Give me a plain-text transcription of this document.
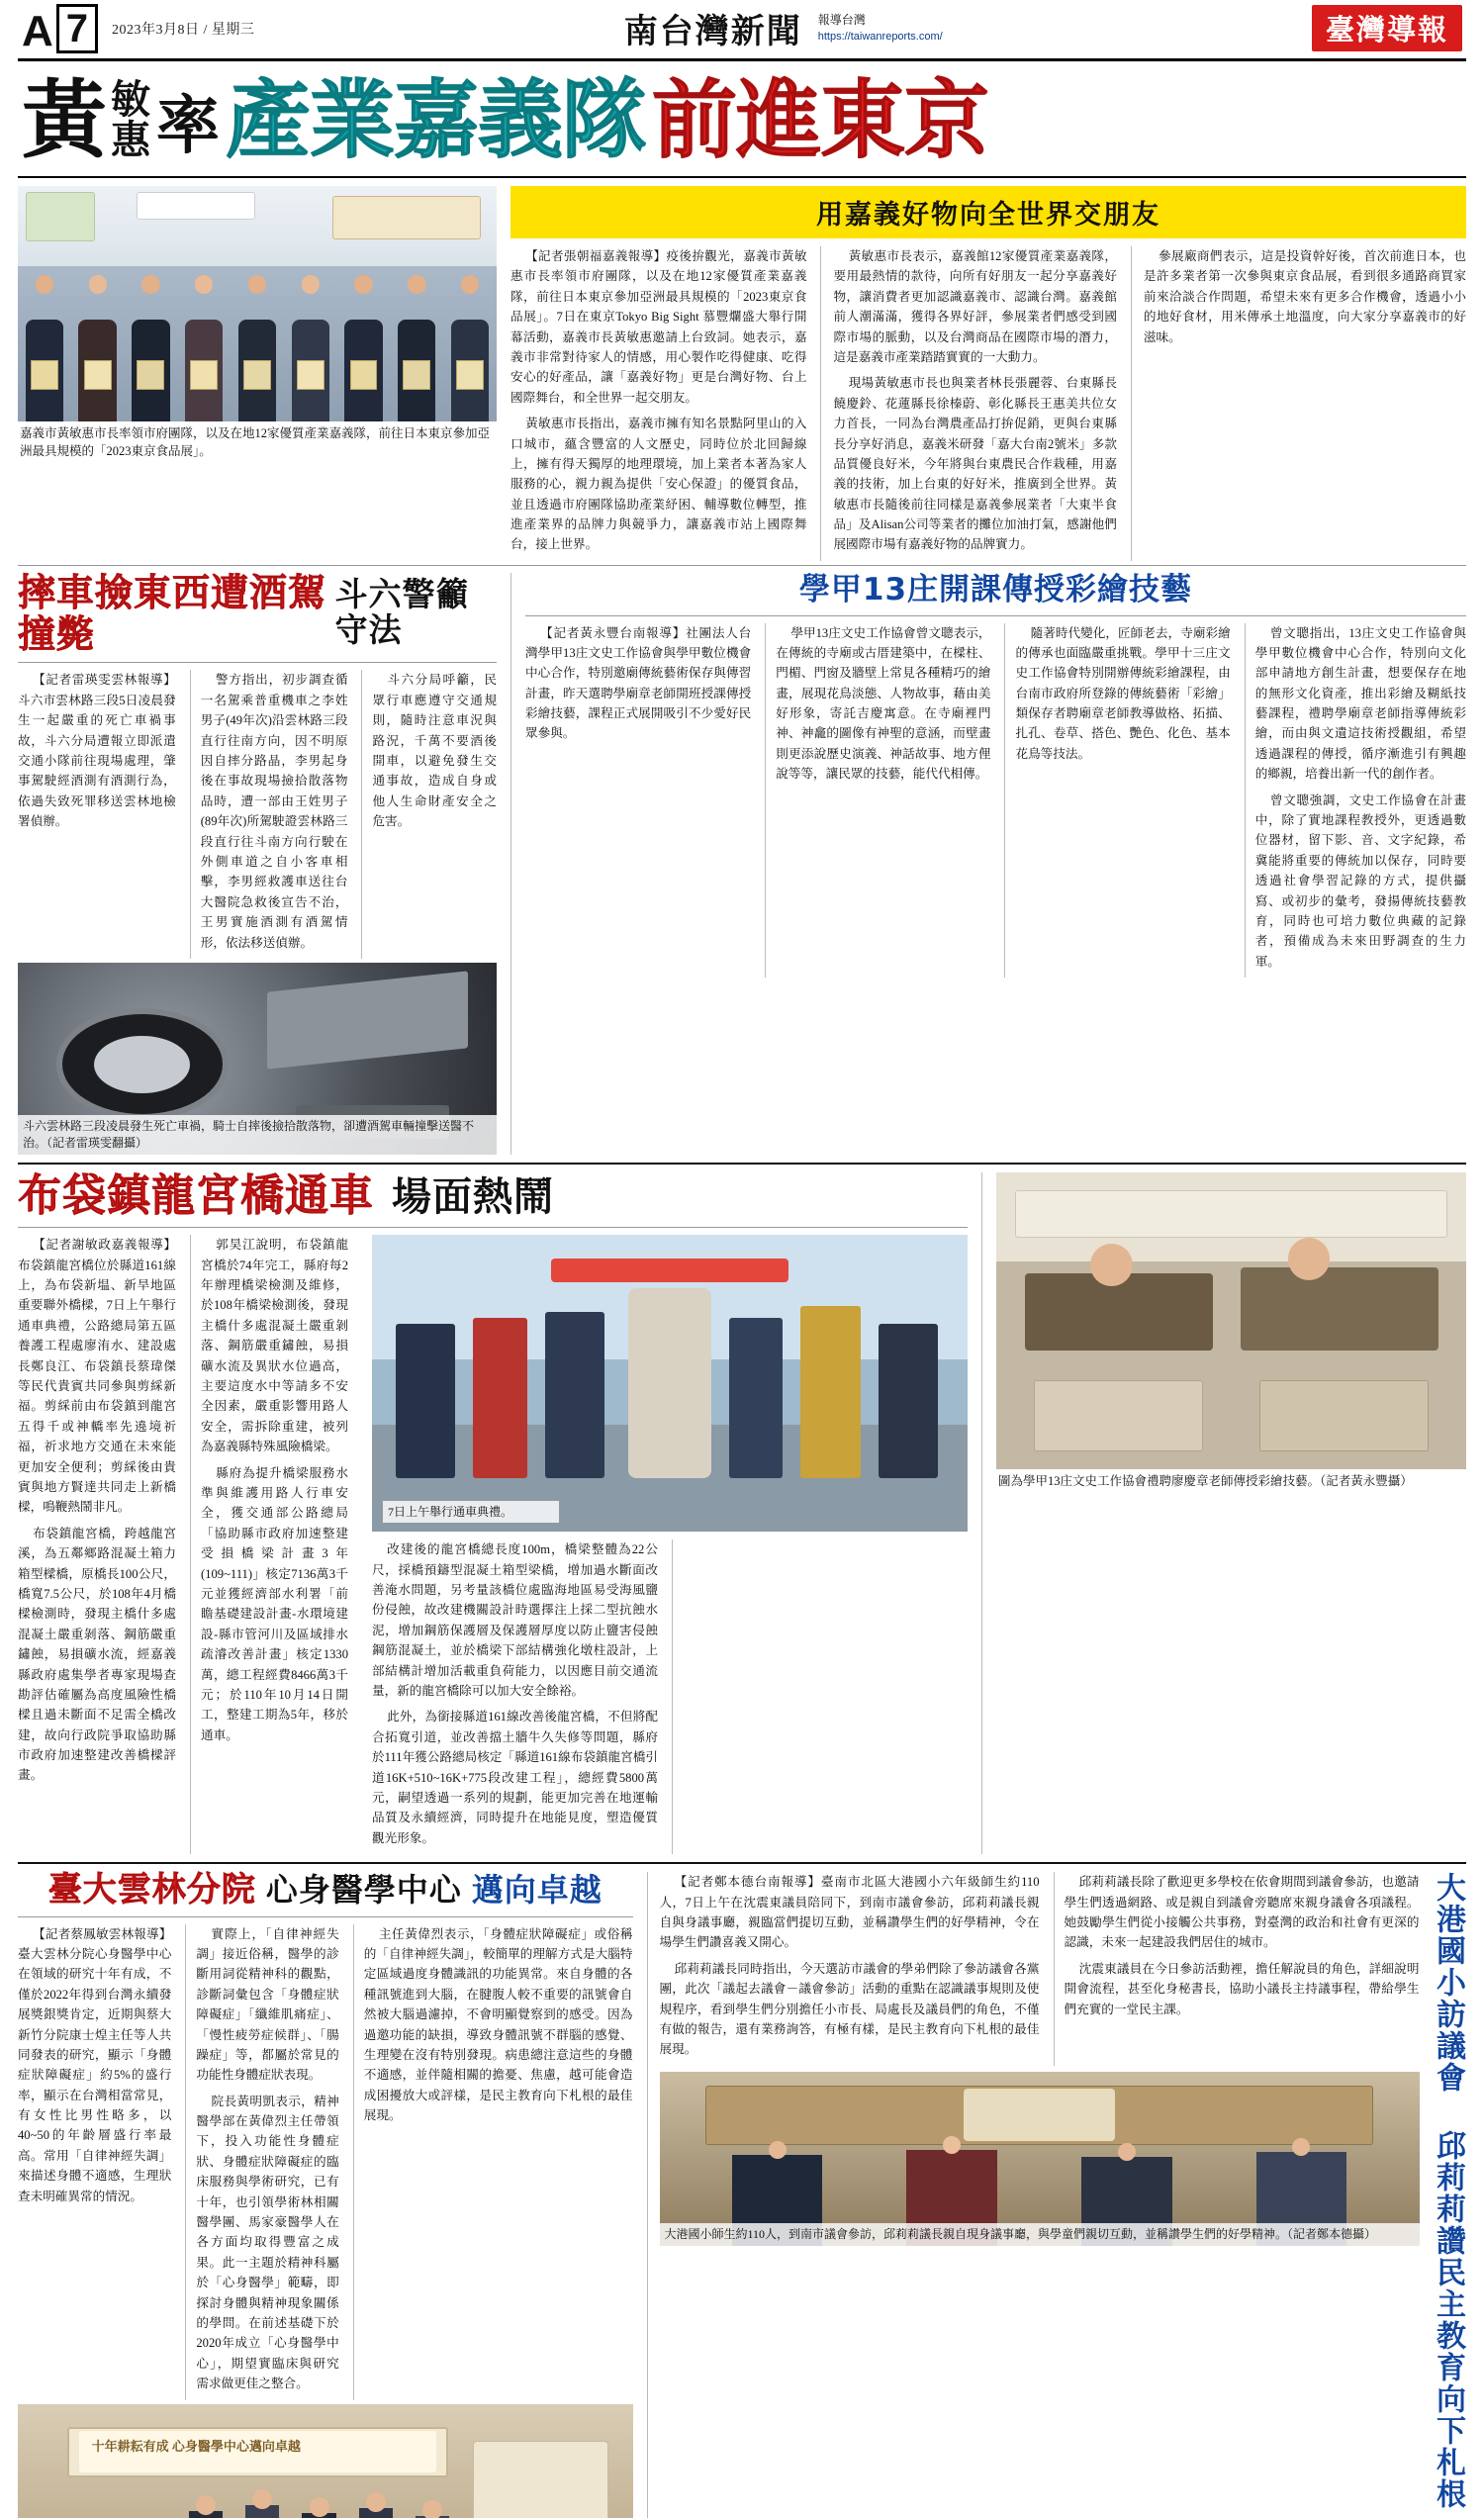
A 7	2023年3月8日 / 星期三	南台灣新聞 報導台灣
https://taiwanreports.com/	臺灣導報
黃 敏
惠 率 產業嘉義隊 前進東京
嘉義市黃敏惠市長率領市府團隊，以及在地12家優質產業嘉義隊，前往日本東京參加亞洲最具規模的「2023東京食品展」。
用嘉義好物向全世界交朋友

【記者張朝福嘉義報導】疫後拚觀光，嘉義市黃敏惠市長率領市府團隊，以及在地12家優質產業嘉義隊，前往日本東京參加亞洲最具規模的「2023東京食品展」。7日在東京Tokyo Big Sight 慕豐爛盛大舉行開幕活動，嘉義市長黃敏惠邀請上台致詞。她表示，嘉義市非常對待家人的情感，用心製作吃得健康、吃得安心的好產品，讓「嘉義好物」更是台灣好物、台上國際舞台，和全世界一起交朋友。

黃敏惠市長指出，嘉義市擁有知名景點阿里山的入口城市，蘊含豐富的人文歷史，同時位於北回歸線上，擁有得天獨厚的地理環境，加上業者本著為家人服務的心，親力親為提供「安心保證」的優質食品，並且透過市府團隊協助產業紓困、輔導數位轉型，推進產業界的品牌力與競爭力，讓嘉義市站上國際舞台，接上世界。

黃敏惠市長表示，嘉義館12家優質產業嘉義隊，要用最熱情的款待，向所有好朋友一起分享嘉義好物，讓消費者更加認識嘉義市、認識台灣。嘉義館前人潮滿滿，獲得各界好評，參展業者們感受到國際市場的脈動，以及台灣商品在國際市場的潛力，這是嘉義市產業踏踏實實的一大動力。

現場黃敏惠市長也與業者林長張麗蓉、台東縣長饒慶鈴、花蓮縣長徐榛蔚、彰化縣長王惠美共位女力首長，一同為台灣農產品打拚促銷，更與台東縣長分享好消息，嘉義米研發「嘉大台南2號米」多款品質優良好米，今年將與台東農民合作栽種，用嘉義的技術，加上台東的好好米，推廣到全世界。黃敏惠市長隨後前往同樣是嘉義參展業者「大東半食品」及Alisan公司等業者的攤位加油打氣，感謝他們展國際市場有嘉義好物的品牌實力。

參展廠商們表示，這是投資幹好後，首次前進日本，也是許多業者第一次參與東京食品展，看到很多通路商買家前來洽談合作問題，希望未來有更多合作機會，透過小小的地好食材，用米傳承土地溫度，向大家分享嘉義市的好滋味。

摔車撿東西遭酒駕撞斃
斗六警籲守法

【記者雷瑛雯雲林報導】斗六市雲林路三段5日凌晨發生一起嚴重的死亡車禍事故，斗六分局遭報立即派遣交通小隊前往現場處理，肇事駕駛經酒測有酒測行為，依過失致死罪移送雲林地檢署偵辦。

警方指出，初步調查循一名駕乘普重機車之李姓男子(49年次)沿雲林路三段直行往南方向，因不明原因自摔分路晶，李男起身後在事故現場撿拾散落物品時，遭一部由王姓男子(89年次)所駕駛證雲林路三段直行往斗南方向行駛在外側車道之自小客車相擊，李男經救護車送往台大醫院急救後宣告不治，王男實施酒測有酒駕情形，依法移送偵辦。

斗六分局呼籲，民眾行車應遵守交通規則，隨時注意車況與路況，千萬不要酒後開車，以避免發生交通事故，造成自身或他人生命財產安全之危害。

斗六雲林路三段凌晨發生死亡車禍，騎士自摔後撿拾散落物，卻遭酒駕車輛撞擊送醫不治。（記者雷瑛雯翻攝）
學甲13庄開課傳授彩繪技藝

【記者黃永豐台南報導】社團法人台灣學甲13庄文史工作協會與學甲數位機會中心合作，特別邀廟傳統藝術保存與傳習計畫，昨天選聘學廟章老師開班授課傳授彩繪技藝，課程正式展開吸引不少愛好民眾參與。

學甲13庄文史工作協會曾文聰表示，在傳統的寺廟或古厝建築中，在樑柱、門楣、門窗及牆壁上常見各種精巧的繪畫，展現花鳥淡態、人物故事，藉由美好形象，寄託吉慶寓意。在寺廟裡門神、神龕的圖像有神聖的意涵，而壁畫則更添說歷史演義、神話故事、地方俚說等等，讓民眾的技藝，能代代相傳。

隨著時代變化，匠師老去，寺廟彩繪的傳承也面臨嚴重挑戰。學甲十三庄文史工作協會特別開辦傳統彩繪課程，由台南市政府所登錄的傳統藝術「彩繪」類保存者聘廟章老師教導做格、拓描、扎孔、卷草、搭色、艷色、化色、基本花鳥等技法。

曾文聰指出，13庄文史工作協會與學甲數位機會中心合作，特別向文化部申請地方創生計畫，想要保存在地的無形文化資產，推出彩繪及糊紙技藝課程，禮聘學廟章老師指導傳統彩繪，而由與文遺這技術授觀組，希望透過課程的傳授，循序漸進引有興趣的鄉親，培養出新一代的創作者。

曾文聰強調，文史工作協會在計畫中，除了實地課程教授外，更透過數位器材，留下影、音、文字紀錄，希冀能將重要的傳統加以保存，同時要透過社會學習記錄的方式，提供攝寫、或初步的彙考，發揚傳統技藝教育，同時也可培力數位典藏的記錄者，預備成為未來田野調查的生力軍。

布袋鎮龍宮橋通車 場面熱鬧

【記者謝敏政嘉義報導】布袋鎮龍宮橋位於縣道161線上，為布袋新塭、新旱地區重要聯外橋樑，7日上午舉行通車典禮，公路總局第五區養護工程處廖洧水、建設處長鄭良江、布袋鎮長蔡瑋傑等民代貴賓共同參與剪綵新福。剪綵前由布袋鎮到龍宮五得千或神轎率先遶境祈福，祈求地方交通在未來能更加安全便利；剪綵後由貴賓與地方賢達共同走上新橋樑，鳴鞭熱鬧非凡。

布袋鎮龍宮橋，跨越龍宮溪，為五鄰鄉路混凝土箱力箱型樑橋，原橋長100公尺，橋寬7.5公尺，於108年4月橋樑檢測時，發現主橋什多處混凝土嚴重剝落、鋼筋嚴重鏽蝕，易損礦水流，經嘉義縣政府處集學者專家現場查勘評估確屬為高度風險性橋樑且過未斷面不足需全橋改建，故向行政院爭取協助縣市政府加速整建改善橋樑評畫。

郭昊江說明，布袋鎮龍宮橋於74年完工，縣府每2年辦理橋梁檢測及維修，於108年橋梁檢測後，發現主橋什多處混凝土嚴重剝落、鋼筋嚴重鏽蝕，易損礦水流及異狀水位過高，主要這度水中等請多不安全因素，嚴重影響用路人安全，需拆除重建，被列為嘉義縣特殊風險橋梁。

縣府為提升橋梁服務水準與維護用路人行車安全，獲交通部公路總局「協助縣市政府加速整建受損橋梁計畫3年(109~111)」核定7136萬3千元並獲經濟部水利署「前瞻基礎建設計畫-水環境建設-縣市管河川及區域排水疏濬改善計畫」核定1330萬，總工程經費8466萬3千元；於110年10月14日開工，整建工期為5年，移於通車。

7日上午舉行通車典禮。

改建後的龍宮橋總長度100m，橋梁整體為22公尺，採橋預鑄型混凝土箱型梁橋，增加過水斷面改善淹水問題，另考量該橋位處臨海地區易受海風鹽份侵蝕，故改建機關設計時選擇注上採二型抗蝕水泥，增加鋼筋保護層及保護層厚度以防止鹽害侵蝕鋼筋混凝土，並於橋梁下部結構強化墩柱設計，上部結構計增加活載重負荷能力，以因應目前交通流量，新的龍宮橋除可以加大安全餘裕。

此外，為銜接縣道161線改善後龍宮橋，不但將配合拓寬引道，並改善擋土牆牛久失修等問題，縣府於111年獲公路總局核定「縣道161線布袋鎮龍宮橋引道16K+510~16K+775段改建工程」，總經費5800萬元，嗣望透過一系列的規劃，能更加完善在地運輸品質及永續經濟，同時提升在地能見度，塑造優質觀光形象。

圖為學甲13庄文史工作協會禮聘廖慶章老師傳授彩繪技藝。（記者黃永豐攝）
臺大雲林分院 心身醫學中心 邁向卓越

【記者蔡鳳敏雲林報導】臺大雲林分院心身醫學中心在領域的研究十年有成，不僅於2022年得到台灣永續發展獎銀獎肯定，近期與蔡大新竹分院康士煌主任等人共同發表的研究，顯示「身體症狀障礙症」約5%的盛行率，顯示在台灣相當常見，有女性比男性略多，以40~50的年齡層盛行率最高。常用「自律神經失調」來描述身體不適感，生理狀查未明確異常的情況。

實際上，「自律神經失調」接近俗稱，醫學的診斷用詞從精神科的觀點，診斷詞彙包含「身體症狀障礙症」「纖維肌痛症」、「慢性疲勞症候群」、「腸躁症」等，都屬於常見的功能性身體症狀表現。

院長黃明凱表示，精神醫學部在黃偉烈主任帶領下，投入功能性身體症狀、身體症狀障礙症的臨床服務與學術研究，已有十年，也引領學術林相關醫學團、馬家豪醫學人在各方面均取得豐富之成果。此一主題於精神科屬於「心身醫學」範疇，即探討身體與精神現象關係的學問。在前述基礎下於2020年成立「心身醫學中心」，期望實臨床與研究需求做更佳之整合。

主任黃偉烈表示，「身體症狀障礙症」或俗稱的「自律神經失調」，較簡單的理解方式是大腦特定區域過度身體識訊的功能異常。來自身體的各種訊號進到大腦，在腱腹人較不重要的訊號會自然被大腦過濾掉，不會明顯覺察到的感受。因為過邀功能的缺損，導致身體訊號不群腦的感覺、生理變在沒有特別發現。病患總注意這些的身體不適感，並伴隨相關的擔憂、焦慮，越可能會造成困擾放大或評樣，是民主教育向下札根的最佳展現。

十年耕耘有成 心身醫學中心邁向卓越

【記者鄭本德台南報導】臺南市北區大港國小六年級師生約110人，7日上午在沈震東議員陪同下，到南市議會參訪，邱莉莉議長親自與身議事廳，親臨當們提切互動，並稱讚學生們的好學精神，令在場學生們讚喜義又開心。

邱莉莉議長同時指出，今天選訪市議會的學弟們除了參訪議會各黨團，此次「議起去議會－議會參訪」活動的重點在認識議事規則及使規程序，看到學生們分別擔任小市長、局處長及議員們的角色，不僅有做的報告，還有業務詢答，有極有樣，是民主教育向下札根的最佳展現。

邱莉莉議長除了歡迎更多學校在依會期間到議會參訪，也邀請學生們透過網路、或是親自到議會旁聽席來親身議會各項議程。她鼓勵學生們從小接觸公共事務，對臺灣的政治和社會有更深的認識，未來一起建設我們居住的城市。

沈震東議員在今日參訪活動裡，擔任解說員的角色，詳細說明開會流程，甚至化身秘書長，協助小議長主持議事程，帶給學生們充實的一堂民主課。

大港國小師生約110人，到南市議會參訪，邱莉莉議長親自現身議事廳，與學童們親切互動，並稱讚學生們的好學精神。（記者鄭本德攝）	大港國小訪議會 邱莉莉讚民主教育向下札根
